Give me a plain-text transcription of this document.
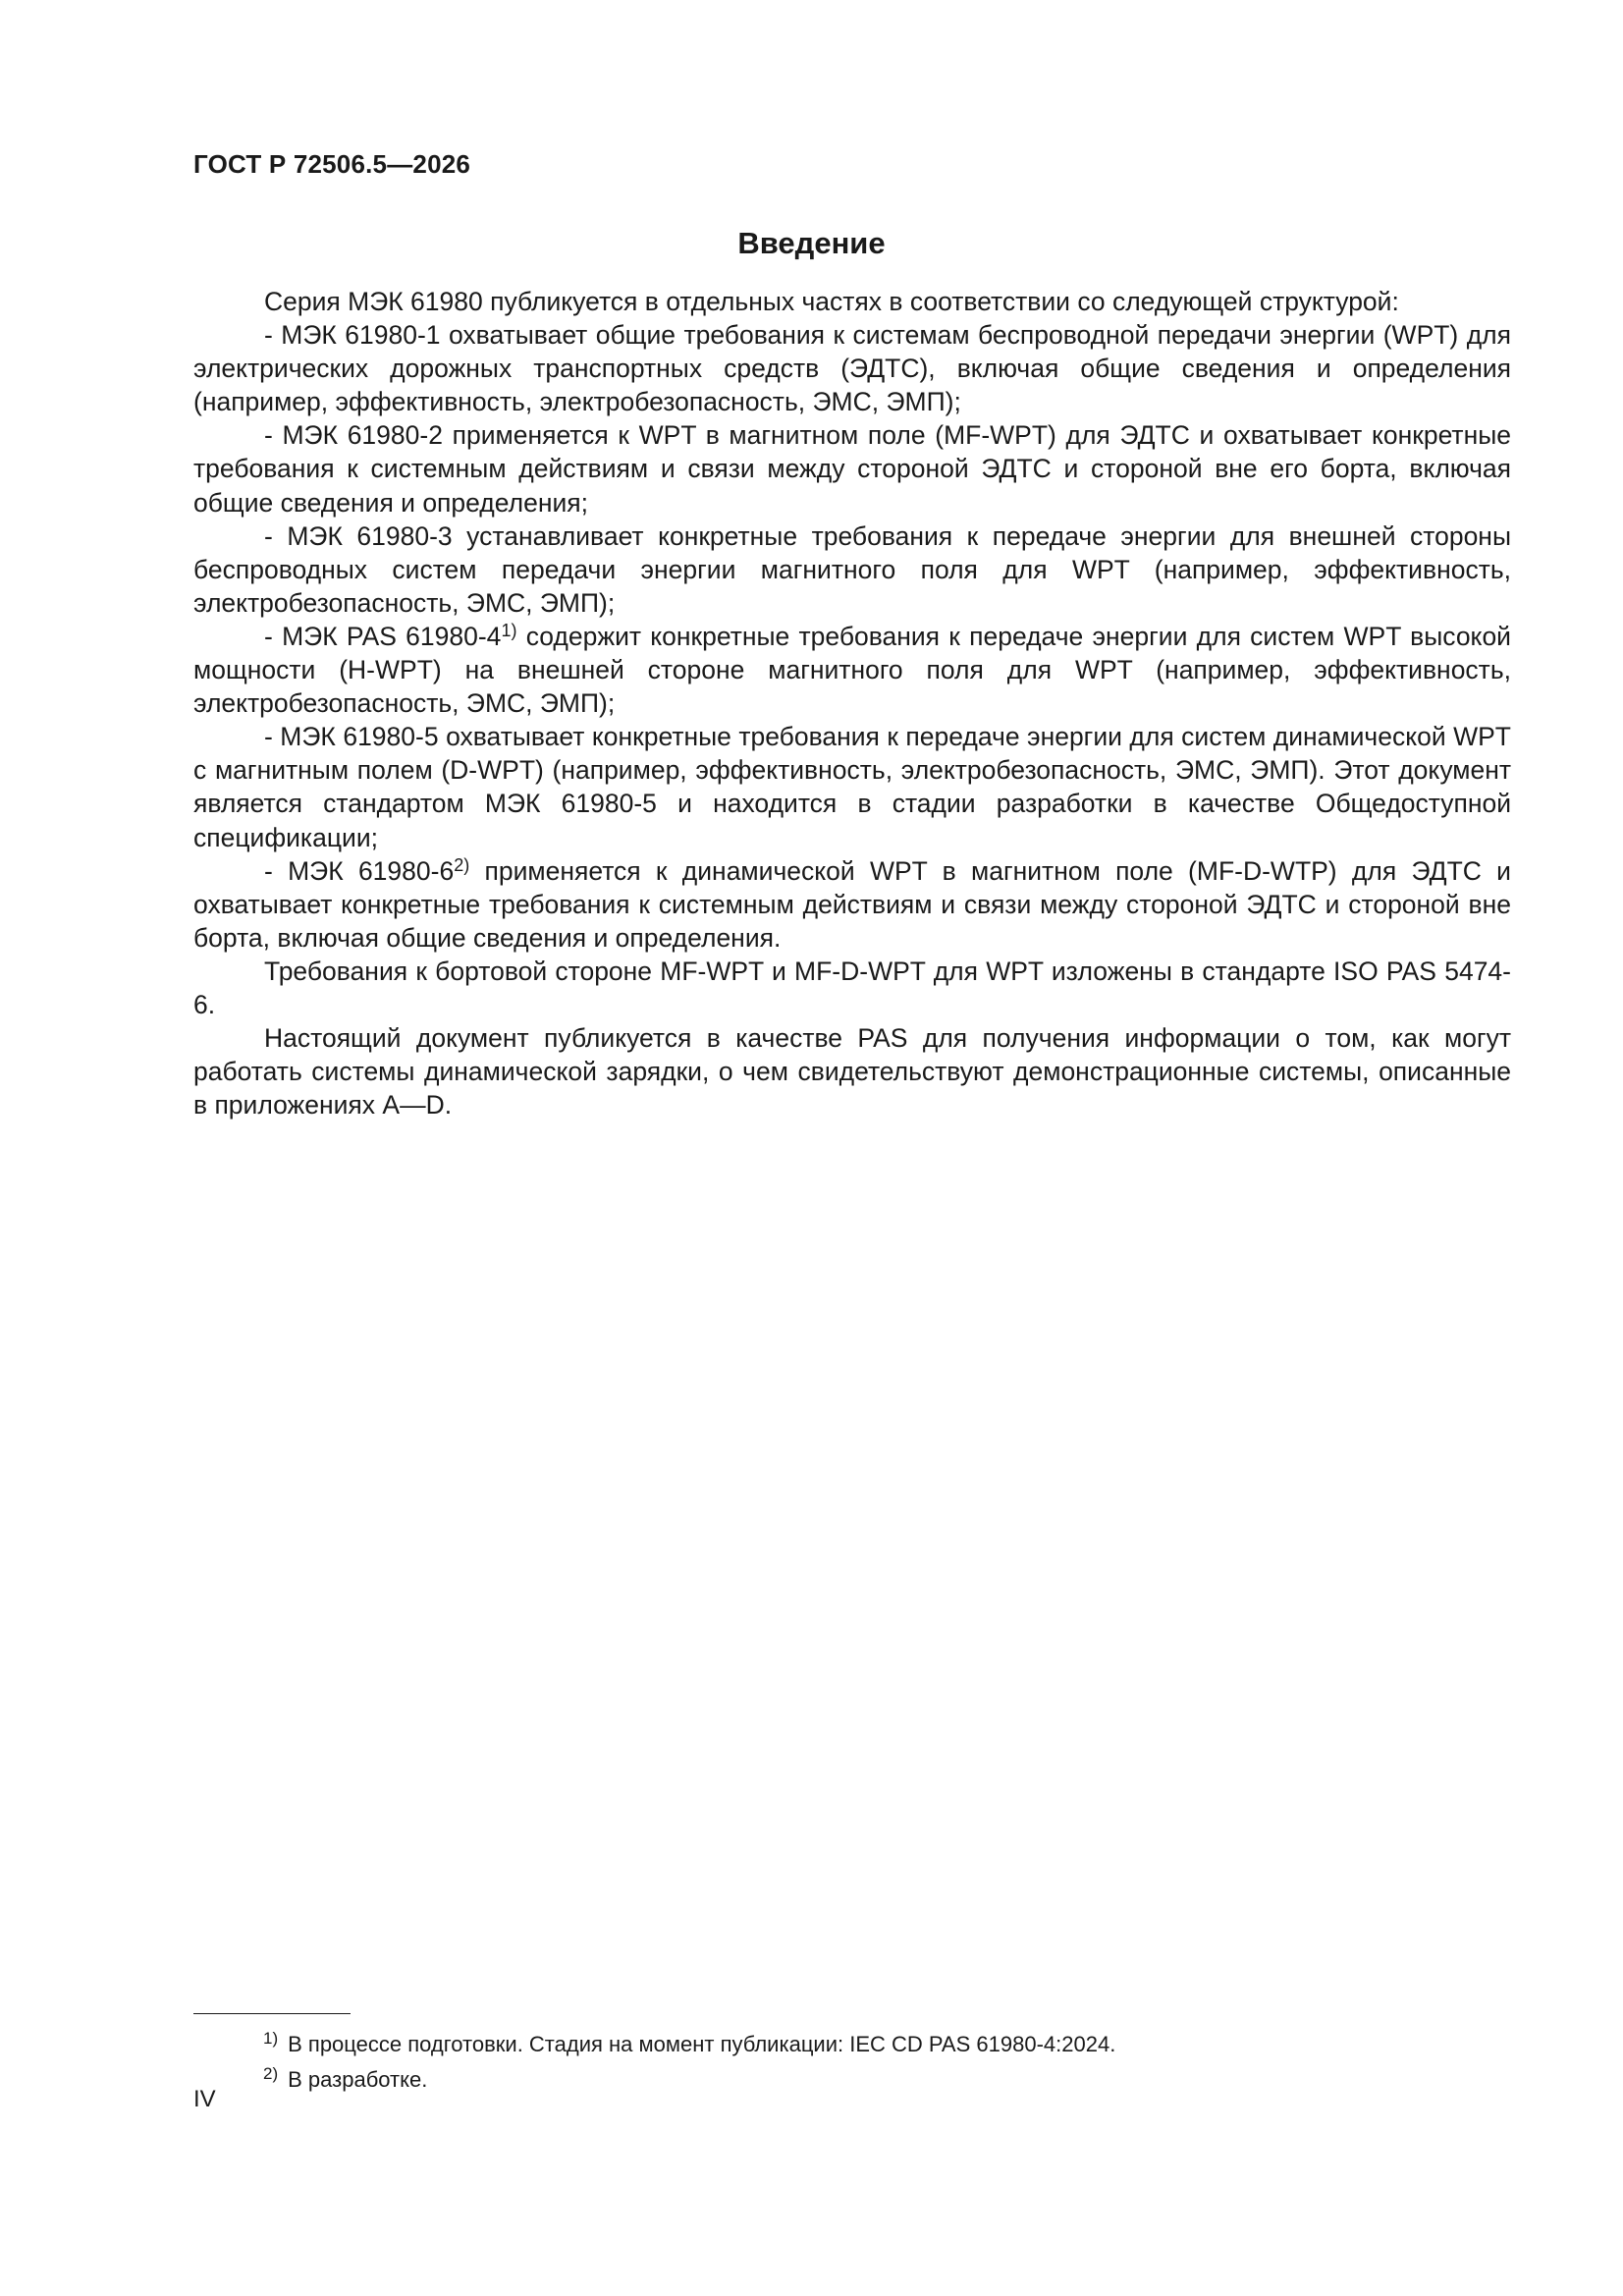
ГОСТ Р 72506.5—2026
Введение

Серия МЭК 61980 публикуется в отдельных частях в соответствии со следующей структурой:

- МЭК 61980-1 охватывает общие требования к системам беспроводной передачи энергии (WPT) для электрических дорожных транспортных средств (ЭДТС), включая общие сведения и определения (например, эффективность, электробезопасность, ЭМС, ЭМП);

- МЭК 61980-2 применяется к WPT в магнитном поле (MF-WPT) для ЭДТС и охватывает конкретные требования к системным действиям и связи между стороной ЭДТС и стороной вне его борта, включая общие сведения и определения;

- МЭК 61980-3 устанавливает конкретные требования к передаче энергии для внешней стороны беспроводных систем передачи энергии магнитного поля для WPT (например, эффективность, электробезопасность, ЭМС, ЭМП);

- МЭК PAS 61980-4$^{1)}$ содержит конкретные требования к передаче энергии для систем WPT высокой мощности (H-WPT) на внешней стороне магнитного поля для WPT (например, эффективность, электробезопасность, ЭМС, ЭМП);

- МЭК 61980-5 охватывает конкретные требования к передаче энергии для систем динамической WPT с магнитным полем (D-WPT) (например, эффективность, электробезопасность, ЭМС, ЭМП). Этот документ является стандартом МЭК 61980-5 и находится в стадии разработки в качестве Общедоступной спецификации;

- МЭК 61980-6$^{2)}$ применяется к динамической WPT в магнитном поле (MF-D-WTP) для ЭДТС и охватывает конкретные требования к системным действиям и связи между стороной ЭДТС и стороной вне борта, включая общие сведения и определения.

Требования к бортовой стороне MF-WPT и MF-D-WPT для WPT изложены в стандарте ISO PAS 5474-6.

Настоящий документ публикуется в качестве PAS для получения информации о том, как могут работать системы динамической зарядки, о чем свидетельствуют демонстрационные системы, описанные в приложениях A—D.

$^{1)}$ В процессе подготовки. Стадия на момент публикации: IEC CD PAS 61980-4:2024.
$^{2)}$ В разработке.
IV
